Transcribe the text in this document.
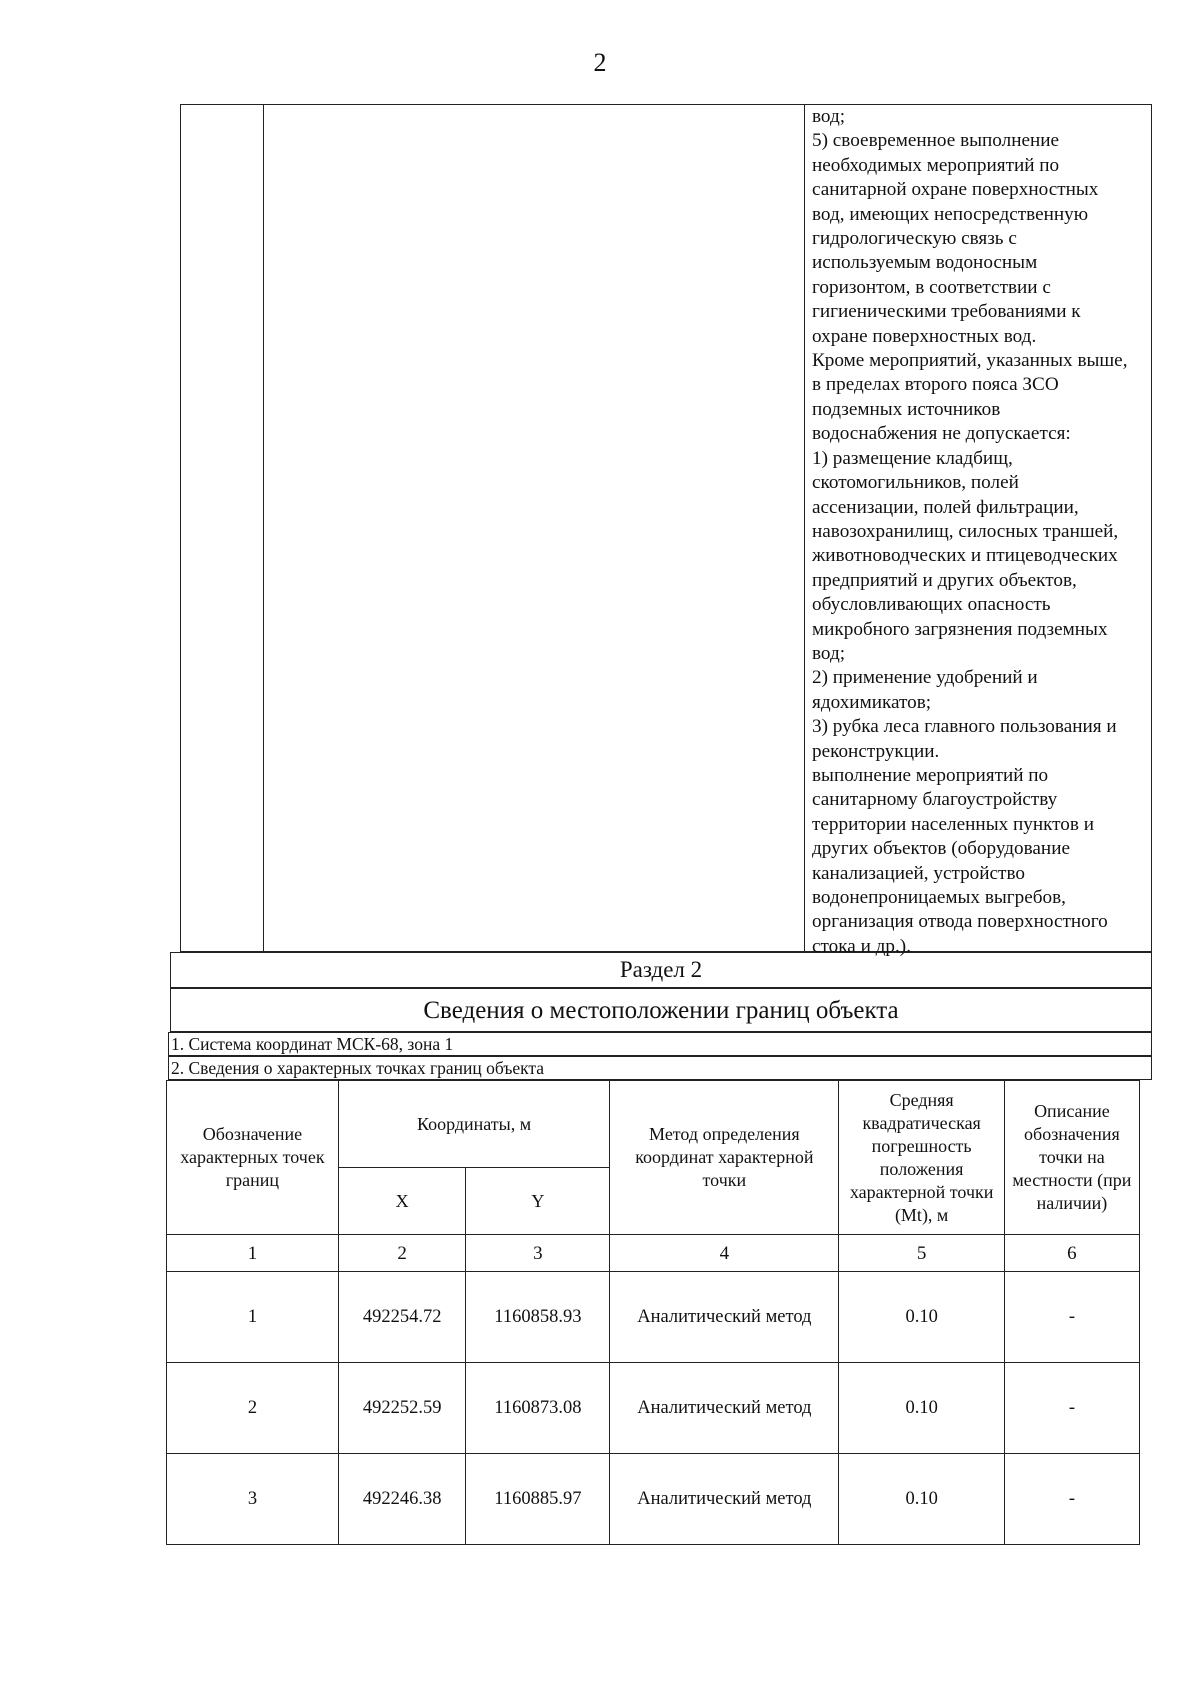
2

вод;
5) своевременное выполнение
необходимых мероприятий по
санитарной охране поверхностных
вод, имеющих непосредственную
гидрологическую связь с
используемым водоносным
горизонтом, в соответствии с
гигиеническими требованиями к
охране поверхностных вод.
Кроме мероприятий, указанных выше,
в пределах второго пояса ЗСО
подземных источников
водоснабжения не допускается:
1) размещение кладбищ,
скотомогильников, полей
ассенизации, полей фильтрации,
навозохранилищ, силосных траншей,
животноводческих и птицеводческих
предприятий и других объектов,
обусловливающих опасность
микробного загрязнения подземных
вод;
2) применение удобрений и
ядохимикатов;
3) рубка леса главного пользования и
реконструкции.
выполнение мероприятий по
санитарному благоустройству
территории населенных пунктов и
других объектов (оборудование
канализацией, устройство
водонепроницаемых выгребов,
организация отвода поверхностного
стока и др.).

Раздел 2
Сведения о местоположении границ объекта
1. Система координат МСК-68, зона 1
2. Сведения о характерных точках границ объекта
Обозначение характерных точек границ	Координаты, м		Метод определения координат характерной точки	Средняя квадратическая погрешность положения характерной точки (Mt), м	Описание обозначения точки на местности (при наличии)
	X	Y			
1	2	3	4	5	6
1	492254.72	1160858.93	Аналитический метод	0.10	-
2	492252.59	1160873.08	Аналитический метод	0.10	-
3	492246.38	1160885.97	Аналитический метод	0.10	-
